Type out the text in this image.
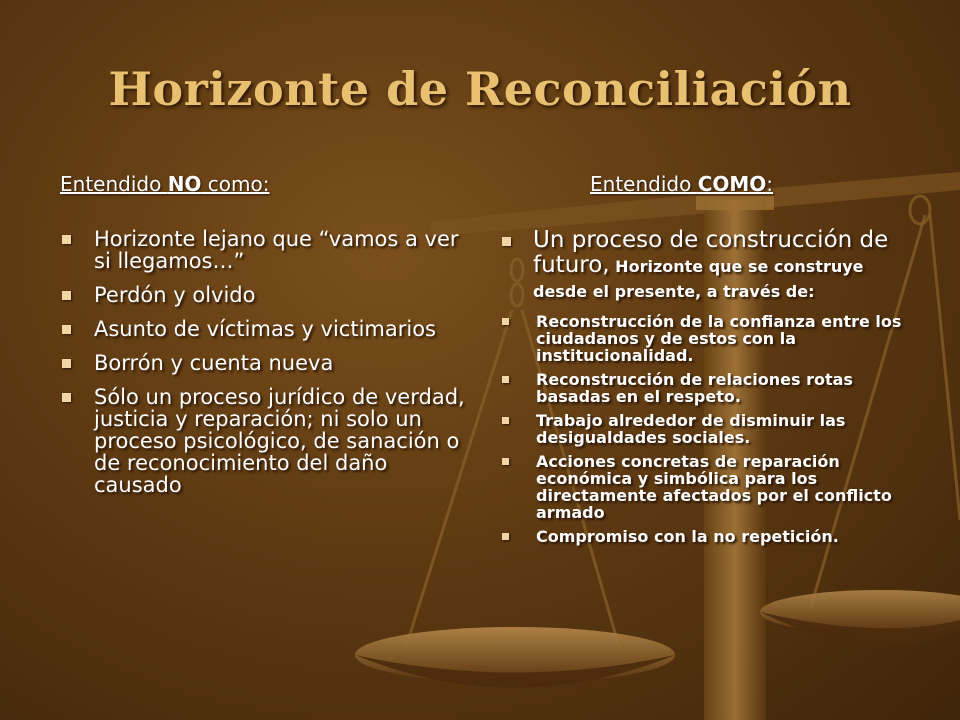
Horizonte de Reconciliación
Entendido NO como:	Entendido COMO:
Horizonte lejano que “vamos a ver si llegamos…”
Perdón y olvido
Asunto de víctimas y victimarios
Borrón y cuenta nueva
Sólo un proceso jurídico de verdad, justicia y reparación; ni solo un proceso psicológico, de sanación o de reconocimiento del daño causado
Un proceso de construcción de futuro, Horizonte que se construye desde el presente, a través de:
Reconstrucción de la confianza entre los ciudadanos y de estos con la institucionalidad.
Reconstrucción de relaciones rotas basadas en el respeto.
Trabajo alrededor de disminuir las desigualdades sociales.
Acciones concretas de reparación económica y simbólica para los directamente afectados por el conflicto armado
Compromiso con la no repetición.
